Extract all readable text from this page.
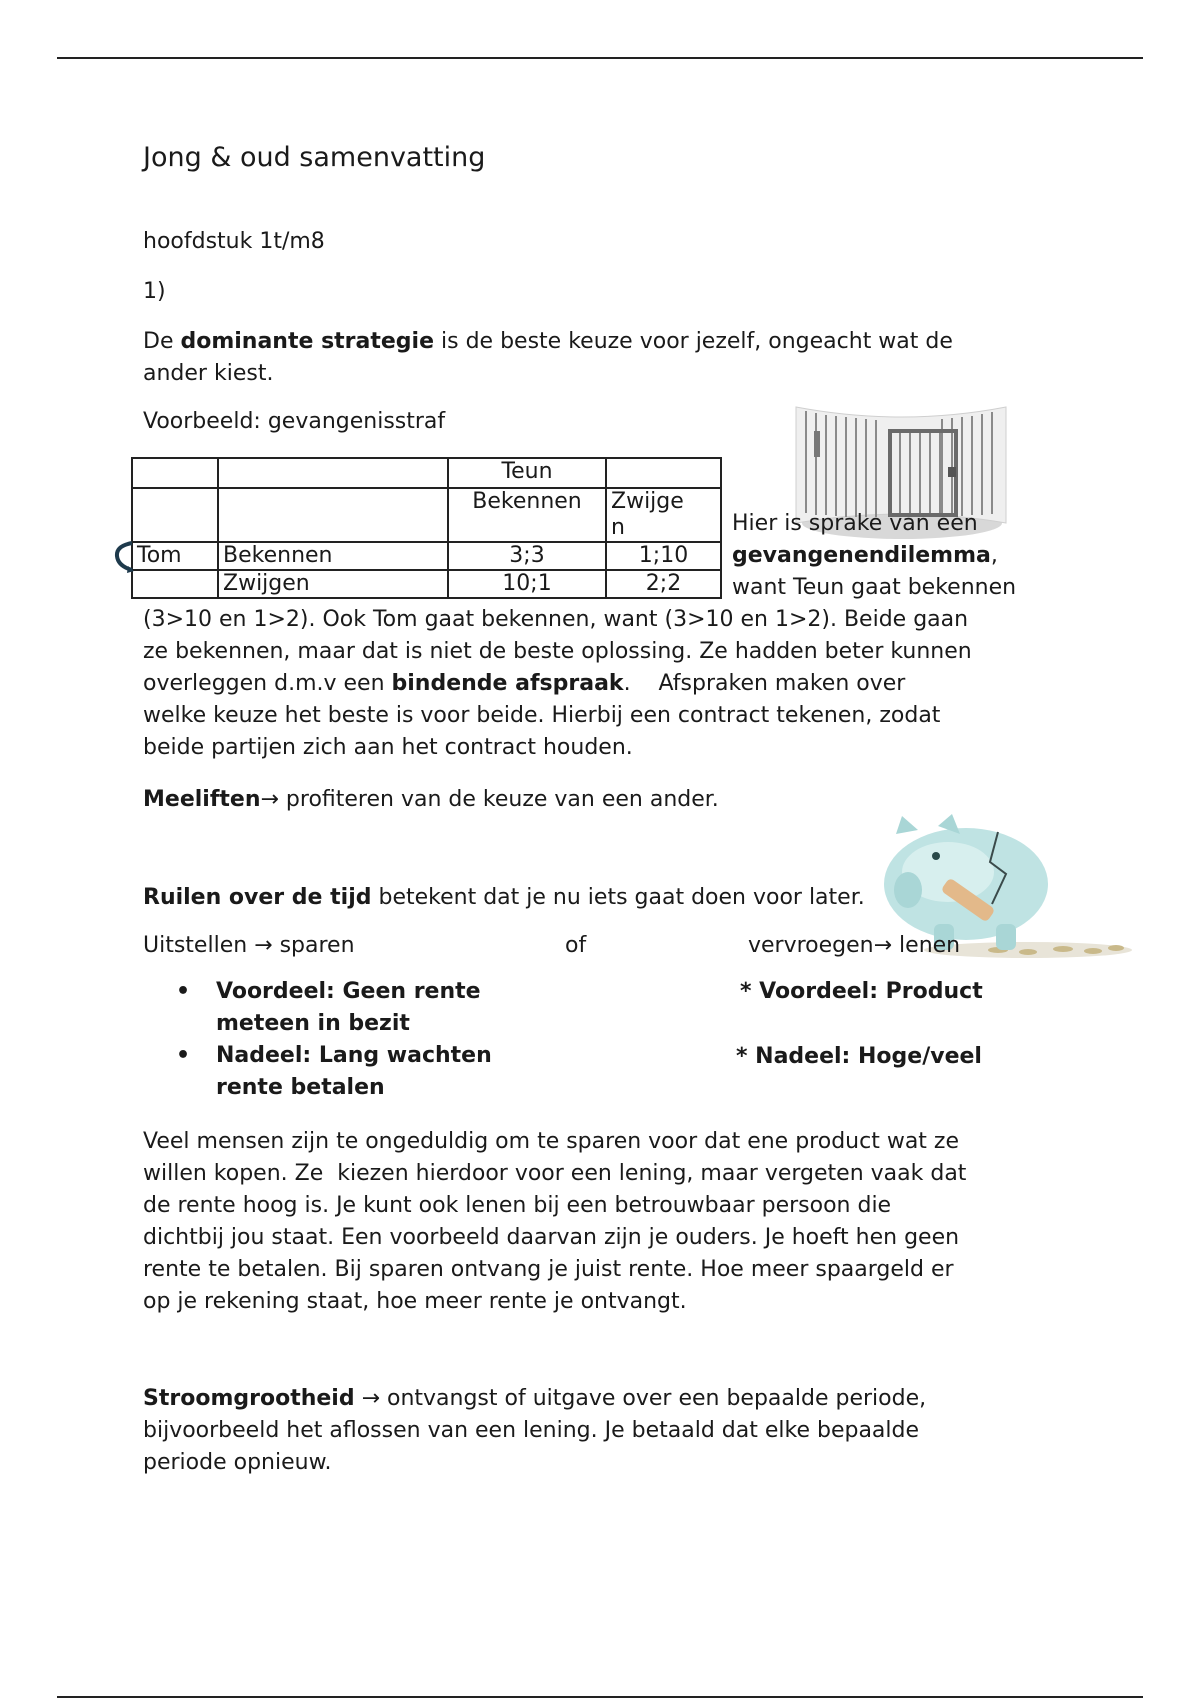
Jong & oud samenvatting
hoofdstuk 1t/m8
1)
De dominante strategie is de beste keuze voor jezelf, ongeacht wat de
ander kiest.
Voorbeeld: gevangenisstraf
		Teun	
		Bekennen	Zwijge
n

Tom	Bekennen	3;3	1;10
	Zwijgen	10;1	2;2
Hier is sprake van een
gevangenendilemma,
want Teun gaat bekennen
(3>10 en 1>2). Ook Tom gaat bekennen, want (3>10 en 1>2). Beide gaan
ze bekennen, maar dat is niet de beste oplossing. Ze hadden beter kunnen
overleggen d.m.v een bindende afspraak.    Afspraken maken over
welke keuze het beste is voor beide. Hierbij een contract tekenen, zodat
beide partijen zich aan het contract houden.
Meeliften→ profiteren van de keuze van een ander.
Ruilen over de tijd betekent dat je nu iets gaat doen voor later.
Uitstellen → sparen	of	vervroegen→ lenen
• Voordeel: Geen rente meteen in bezit
• Nadeel: Lang wachten rente betalen
* Voordeel: Product
* Nadeel: Hoge/veel
Veel mensen zijn te ongeduldig om te sparen voor dat ene product wat ze
willen kopen. Ze  kiezen hierdoor voor een lening, maar vergeten vaak dat
de rente hoog is. Je kunt ook lenen bij een betrouwbaar persoon die
dichtbij jou staat. Een voorbeeld daarvan zijn je ouders. Je hoeft hen geen
rente te betalen. Bij sparen ontvang je juist rente. Hoe meer spaargeld er
op je rekening staat, hoe meer rente je ontvangt.
Stroomgrootheid → ontvangst of uitgave over een bepaalde periode,
bijvoorbeeld het aflossen van een lening. Je betaald dat elke bepaalde
periode opnieuw.
